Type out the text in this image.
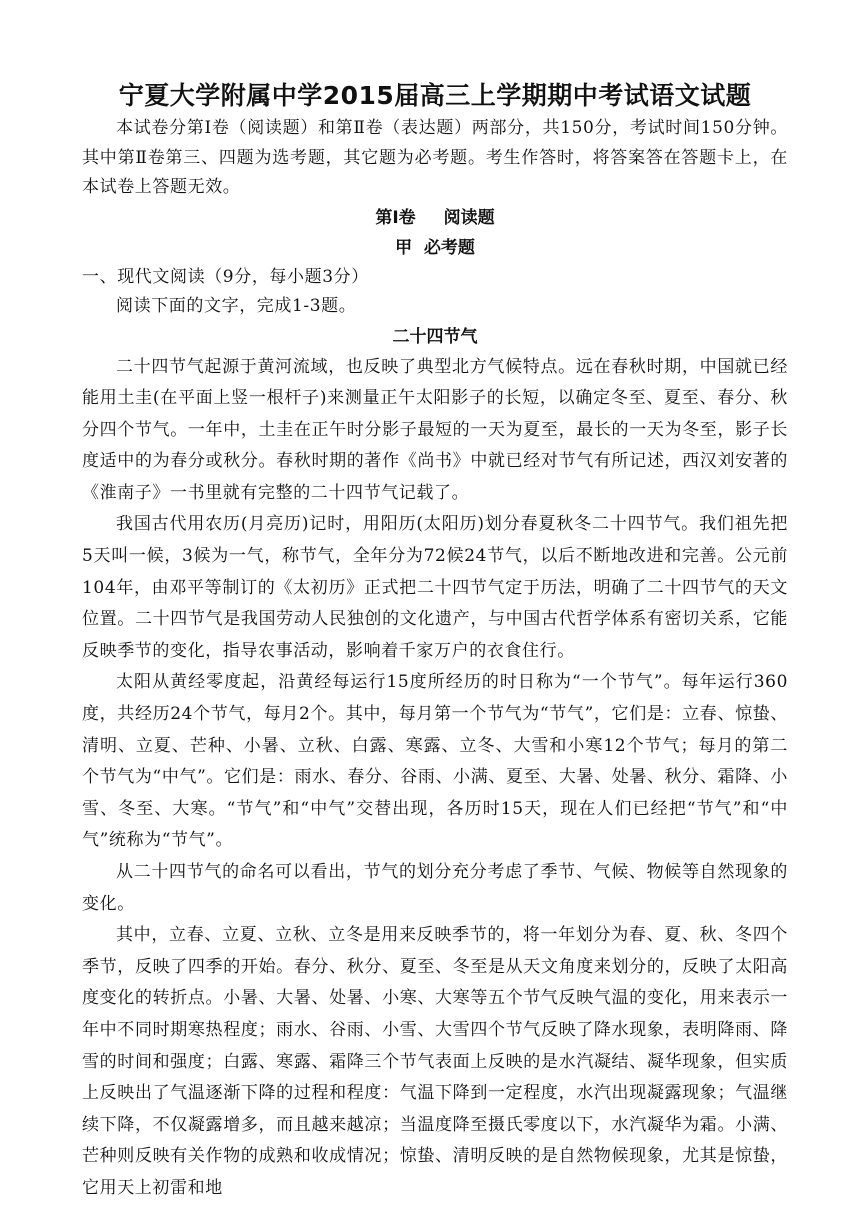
宁夏大学附属中学2015届高三上学期期中考试语文试题

本试卷分第Ⅰ卷（阅读题）和第Ⅱ卷（表达题）两部分，共150分，考试时间150分钟。其中第Ⅱ卷第三、四题为选考题，其它题为必考题。考生作答时，将答案答在答题卡上，在本试卷上答题无效。

第Ⅰ卷 阅读题

甲  必考题

一、现代文阅读（9分，每小题3分）

阅读下面的文字，完成1-3题。

二十四节气

二十四节气起源于黄河流域，也反映了典型北方气候特点。远在春秋时期，中国就已经能用土圭(在平面上竖一根杆子)来测量正午太阳影子的长短，以确定冬至、夏至、春分、秋分四个节气。一年中，土圭在正午时分影子最短的一天为夏至，最长的一天为冬至，影子长度适中的为春分或秋分。春秋时期的著作《尚书》中就已经对节气有所记述，西汉刘安著的《淮南子》一书里就有完整的二十四节气记载了。

我国古代用农历(月亮历)记时，用阳历(太阳历)划分春夏秋冬二十四节气。我们祖先把5天叫一候，3候为一气，称节气，全年分为72候24节气，以后不断地改进和完善。公元前104年，由邓平等制订的《太初历》正式把二十四节气定于历法，明确了二十四节气的天文位置。二十四节气是我国劳动人民独创的文化遗产，与中国古代哲学体系有密切关系，它能反映季节的变化，指导农事活动，影响着千家万户的衣食住行。

太阳从黄经零度起，沿黄经每运行15度所经历的时日称为“一个节气”。每年运行360度，共经历24个节气，每月2个。其中，每月第一个节气为“节气”，它们是：立春、惊蛰、清明、立夏、芒种、小暑、立秋、白露、寒露、立冬、大雪和小寒12个节气；每月的第二个节气为“中气”。它们是：雨水、春分、谷雨、小满、夏至、大暑、处暑、秋分、霜降、小雪、冬至、大寒。“节气”和“中气”交替出现，各历时15天，现在人们已经把“节气”和“中气”统称为“节气”。

从二十四节气的命名可以看出，节气的划分充分考虑了季节、气候、物候等自然现象的变化。

其中，立春、立夏、立秋、立冬是用来反映季节的，将一年划分为春、夏、秋、冬四个季节，反映了四季的开始。春分、秋分、夏至、冬至是从天文角度来划分的，反映了太阳高度变化的转折点。小暑、大暑、处暑、小寒、大寒等五个节气反映气温的变化，用来表示一年中不同时期寒热程度；雨水、谷雨、小雪、大雪四个节气反映了降水现象，表明降雨、降雪的时间和强度；白露、寒露、霜降三个节气表面上反映的是水汽凝结、凝华现象，但实质上反映出了气温逐渐下降的过程和程度：气温下降到一定程度，水汽出现凝露现象；气温继续下降，不仅凝露增多，而且越来越凉；当温度降至摄氏零度以下，水汽凝华为霜。小满、芒种则反映有关作物的成熟和收成情况；惊蛰、清明反映的是自然物候现象，尤其是惊蛰，它用天上初雷和地
